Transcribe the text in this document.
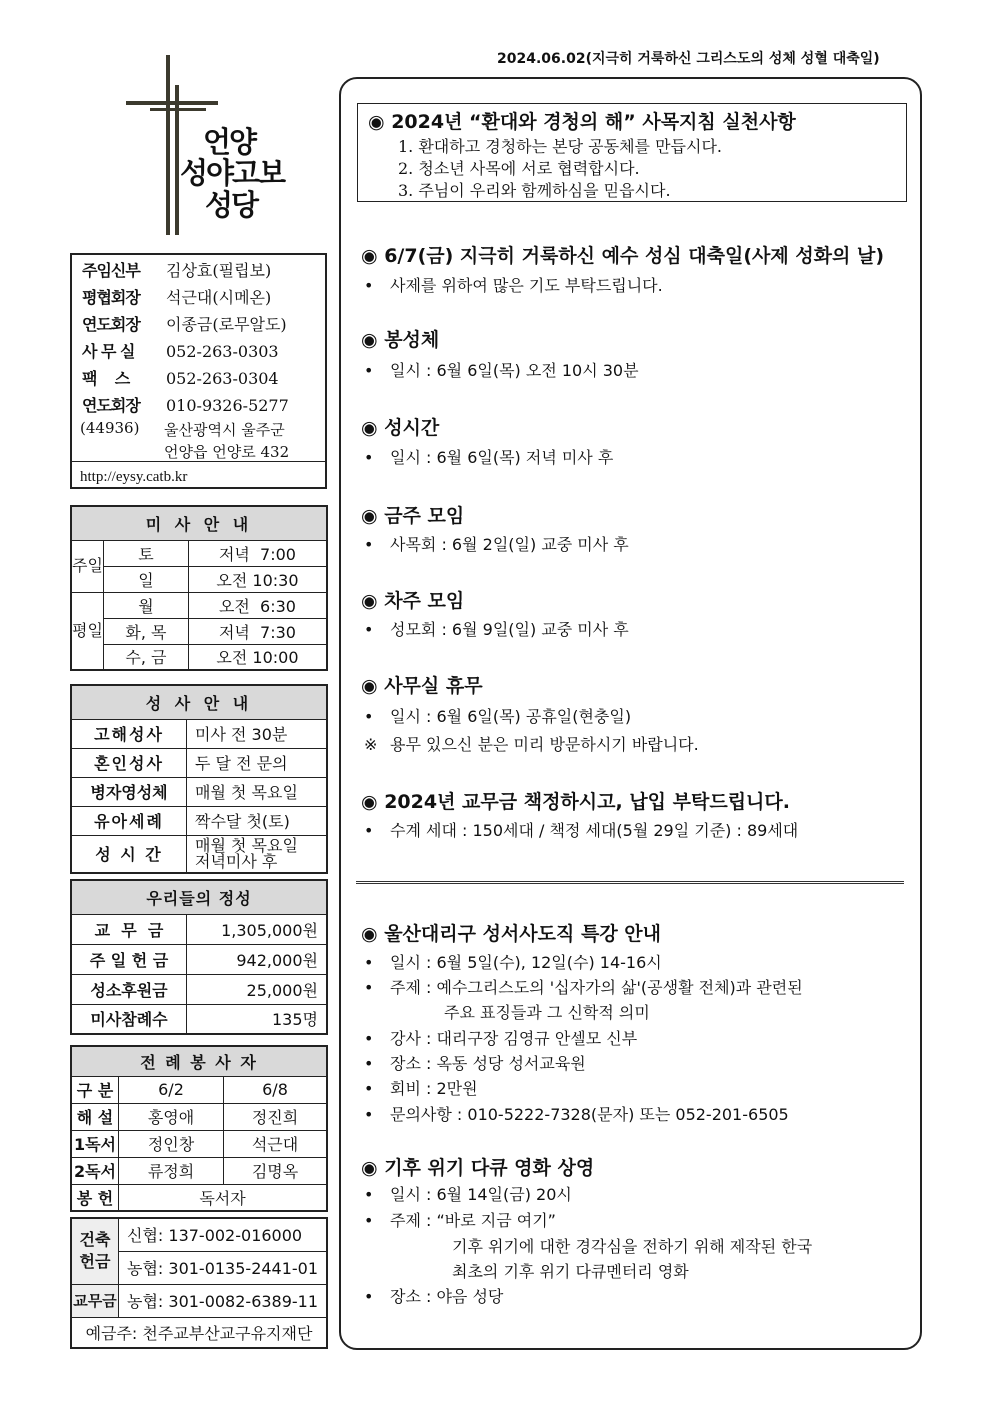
2024.06.02(지극히 거룩하신 그리스도의 성체 성혈 대축일)
언양
성야고보
성당
주임신부 김상효(필립보)
평협회장 석근대(시메온)
연도회장 이종금(로무알도)
사 무 실 052-263-0303
팩    스 052-263-0304
연도회장 010-9326-5277
(44936) 울산광역시 울주군
언양읍 언양로 432
http://eysy.catb.kr
미 사 안 내		
주일	토	저녁  7:00
	일	오전 10:30
평일	월	오전  6:30
	화, 목	저녁  7:30
	수, 금	오전 10:00
성 사 안 내	
고해성사	미사 전 30분
혼인성사	두 달 전 문의
병자영성체	매월 첫 목요일
유아세례	짝수달 첫(토)
성 시 간	매월 첫 목요일
저녁미사 후
우리들의 정성	
교  무  금	1,305,000원
주 일 헌 금	942,000원
성소후원금	25,000원
미사참례수	135명
전 례 봉 사 자		
구 분	6/2	6/8
해 설	홍영애	정진희
1독서	정인창	석근대
2독서	류정희	김명옥
봉 헌	독서자	
건축헌금	신협: 137-002-016000
	농협: 301-0135-2441-01
교무금	농협: 301-0082-6389-11
예금주: 천주교부산교구유지재단	
◉ 2024년 “환대와 경청의 해” 사목지침 실천사항
1. 환대하고 경청하는 본당 공동체를 만듭시다.
2. 청소년 사목에 서로 협력합시다.
3. 주님이 우리와 함께하심을 믿읍시다.
◉ 6/7(금) 지극히 거룩하신 예수 성심 대축일(사제 성화의 날)
• 사제를 위하여 많은 기도 부탁드립니다.
◉ 봉성체
• 일시 : 6월 6일(목) 오전 10시 30분
◉ 성시간
• 일시 : 6월 6일(목) 저녁 미사 후
◉ 금주 모임
• 사목회 : 6월 2일(일) 교중 미사 후
◉ 차주 모임
• 성모회 : 6월 9일(일) 교중 미사 후
◉ 사무실 휴무
• 일시 : 6월 6일(목) 공휴일(현충일)
※ 용무 있으신 분은 미리 방문하시기 바랍니다.
◉ 2024년 교무금 책정하시고, 납입 부탁드립니다.
• 수계 세대 : 150세대 / 책정 세대(5월 29일 기준) : 89세대
◉ 울산대리구 성서사도직 특강 안내
• 일시 : 6월 5일(수), 12일(수) 14-16시
• 주제 : 예수그리스도의 '십자가의 삶'(공생활 전체)과 관련된
주요 표징들과 그 신학적 의미
• 강사 : 대리구장 김영규 안셀모 신부
• 장소 : 옥동 성당 성서교육원
• 회비 : 2만원
• 문의사항 : 010-5222-7328(문자) 또는 052-201-6505
◉ 기후 위기 다큐 영화 상영
• 일시 : 6월 14일(금) 20시
• 주제 : “바로 지금 여기”
기후 위기에 대한 경각심을 전하기 위해 제작된 한국
최초의 기후 위기 다큐멘터리 영화
• 장소 : 야음 성당
